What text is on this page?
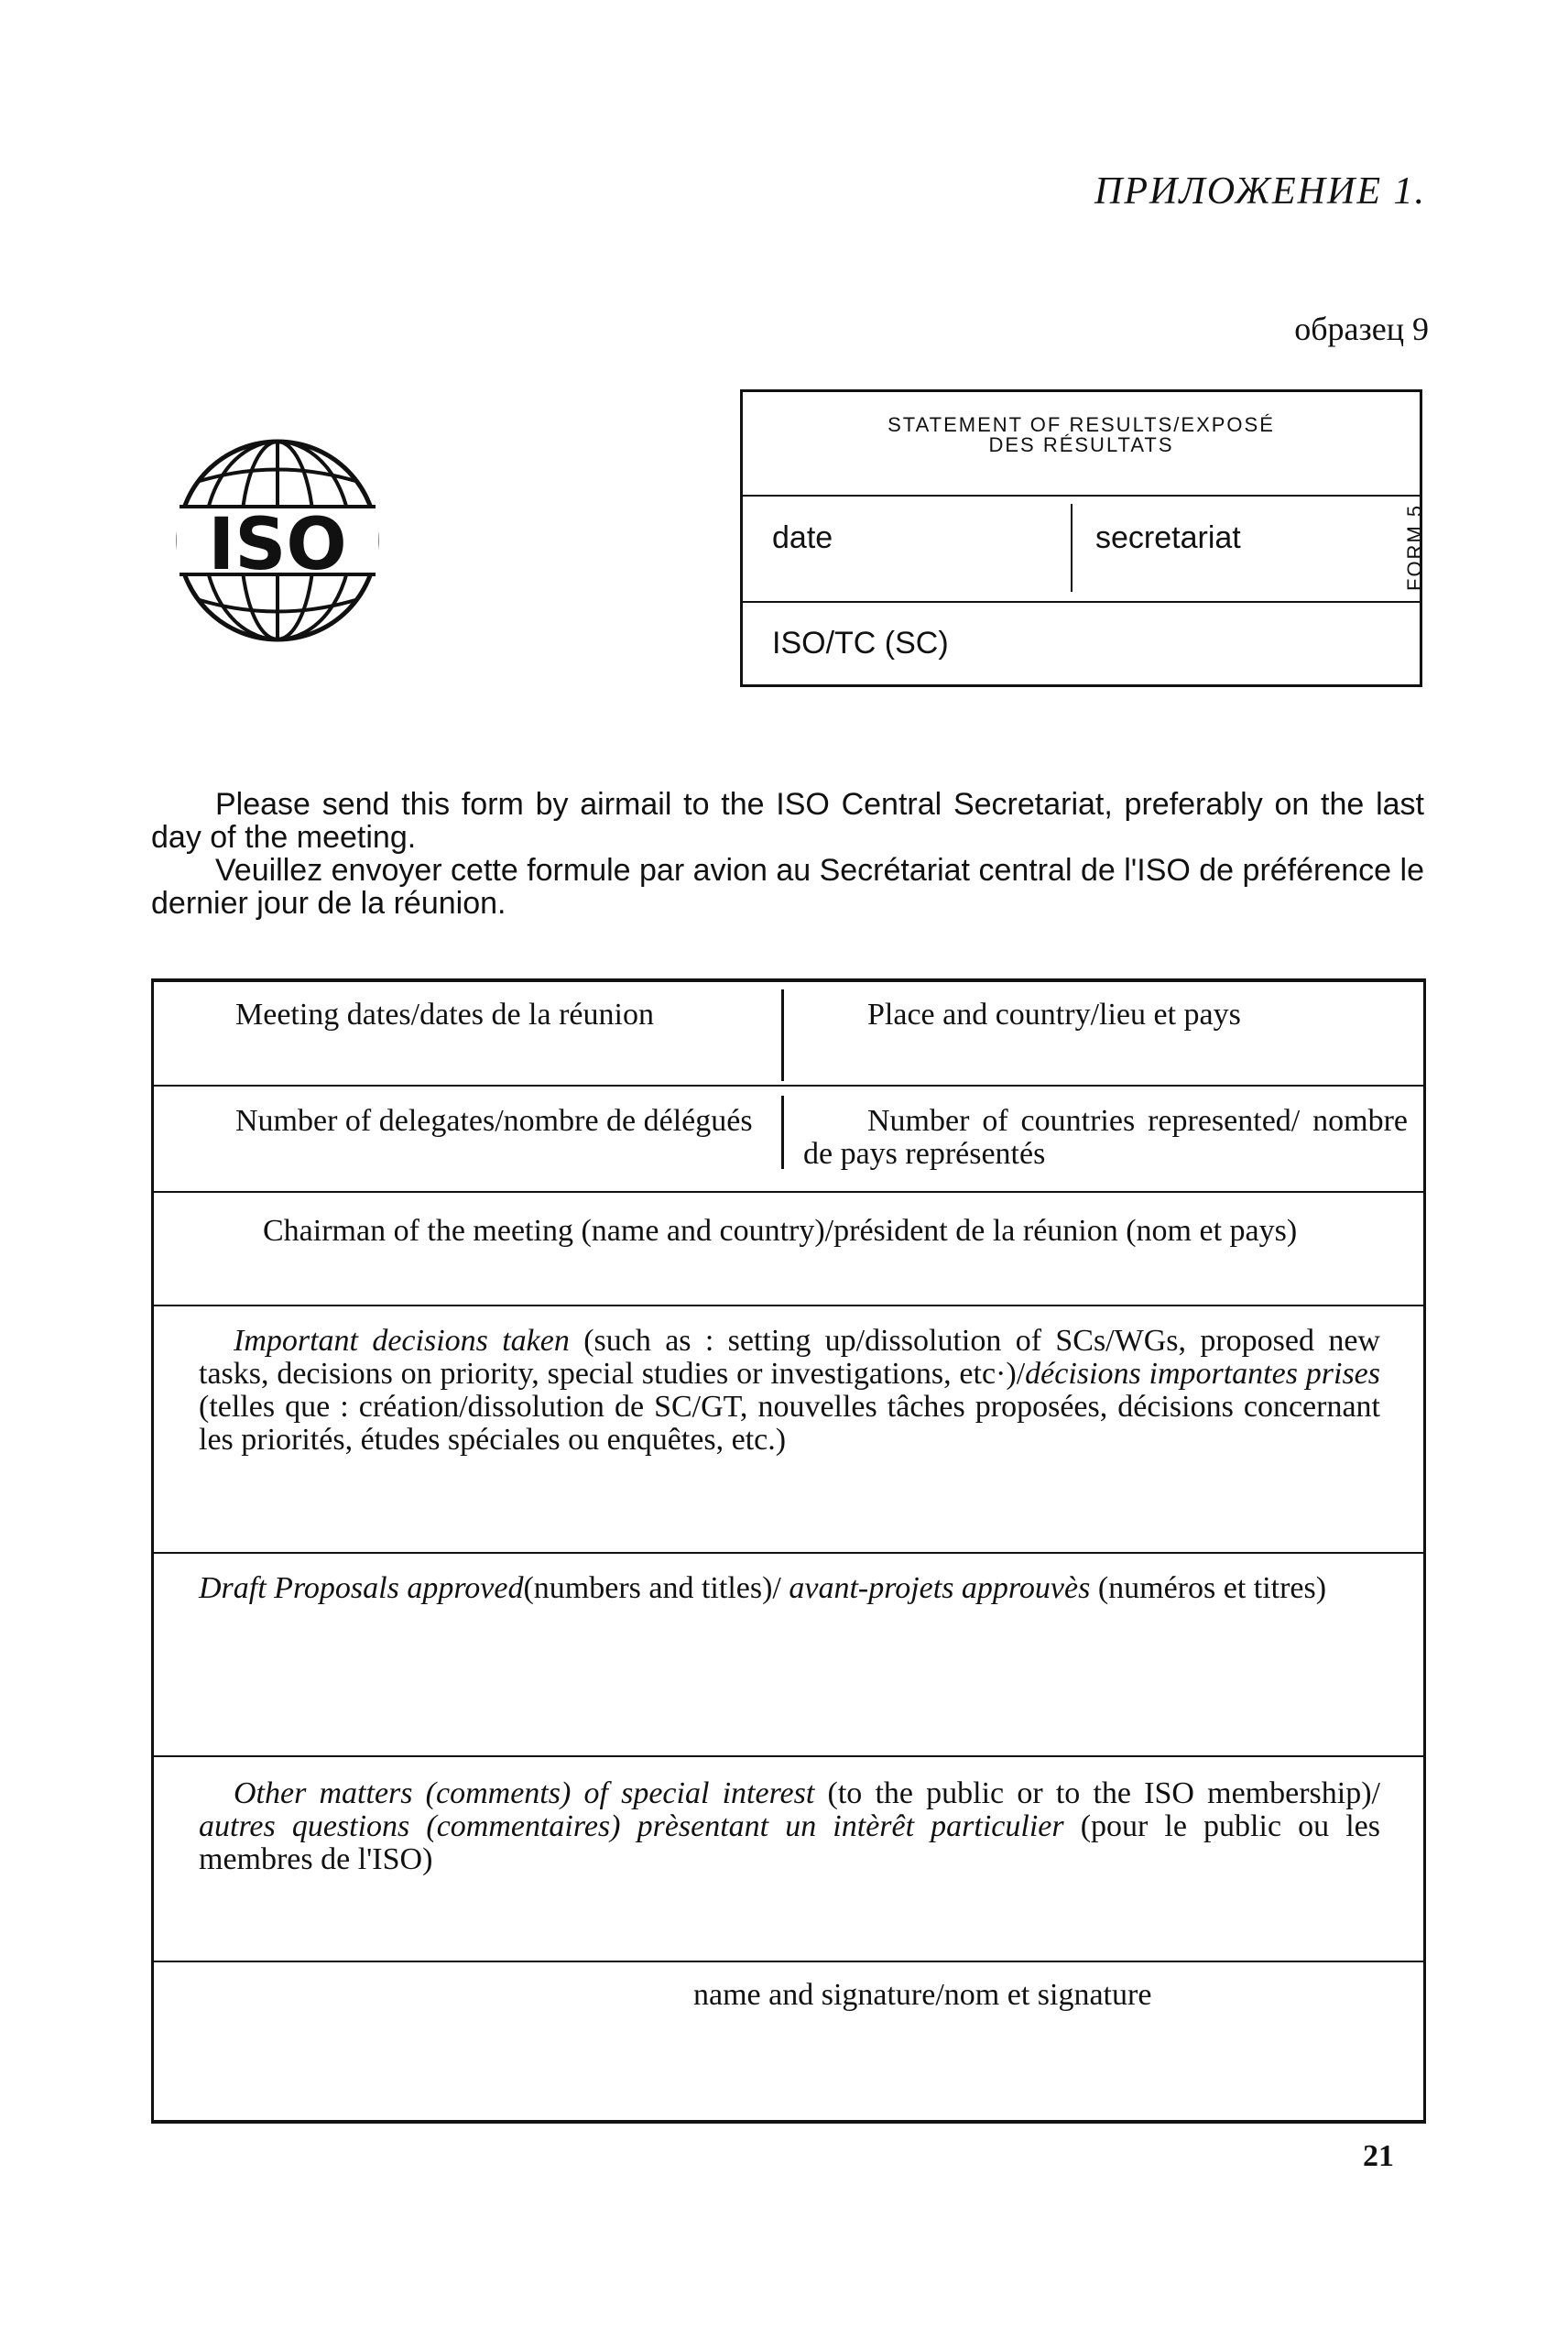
ПРИЛОЖЕНИЕ 1.
образец 9
ISO
STATEMENT OF RESULTS/EXPOSÉ
DES RÉSULTATS
date	secretariat
ISO/TC (SC)
FORM 5

Please send this form by airmail to the ISO Central Secretariat, preferably on the last day of the meeting.

Veuillez envoyer cette formule par avion au Secrétariat central de l'ISO de préférence le dernier jour de la réunion.

Meeting dates/dates de la réunion	Place and country/lieu et pays

Number of delegates/nombre de délégués	Number of countries represented/ nombre de pays représentés

Chairman of the meeting (name and country)/président de la réunion (nom et pays)

Important decisions taken (such as : setting up/dissolution of SCs/WGs, proposed new tasks, decisions on priority, special studies or investigations, etc·)/décisions importantes prises (telles que : création/dissolution de SC/GT, nouvelles tâches proposées, décisions concernant les priorités, études spéciales ou enquêtes, etc.)

Draft Proposals approved(numbers and titles)/ avant-projets approuvès (numéros et titres)

Other matters (comments) of special interest (to the public or to the ISO membership)/ autres questions (commentaires) prèsentant un intèrêt particulier (pour le public ou les membres de l'ISO)

name and signature/nom et signature
21
